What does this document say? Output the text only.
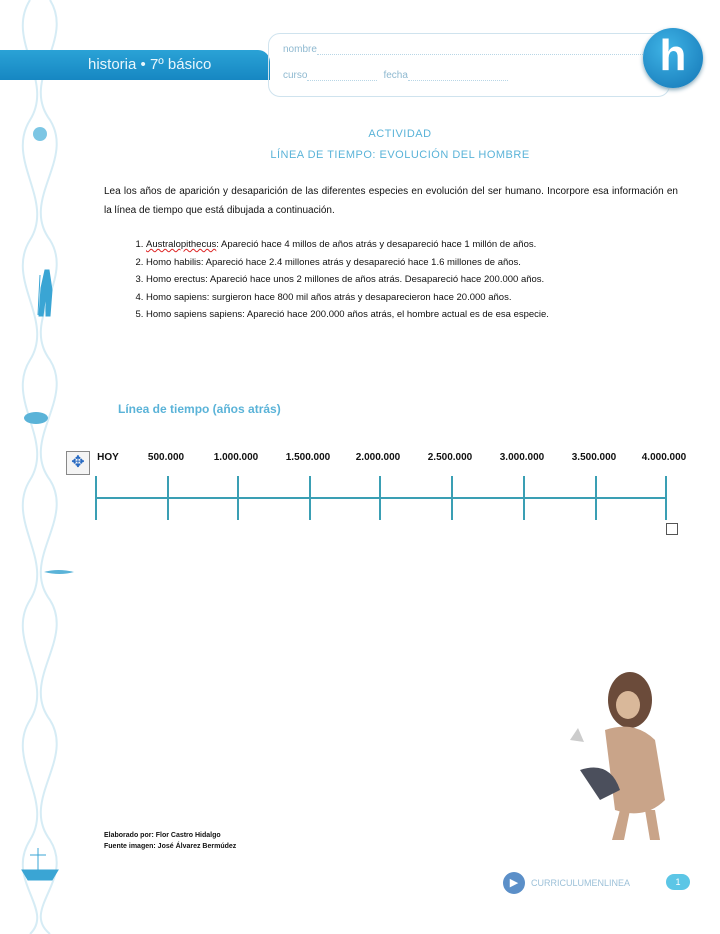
historia • 7º básico
nombre
curso	fecha	h
ACTIVIDAD
LÍNEA DE TIEMPO: EVOLUCIÓN DEL HOMBRE
Lea los años de aparición y desaparición de las diferentes especies en evolución del ser humano. Incorpore esa información en la línea de tiempo que está dibujada a continuación.
1. Australopithecus: Apareció hace 4 millos de años atrás y desapareció hace 1 millón de años.
2. Homo habilis: Apareció hace 2.4 millones atrás y desapareció hace 1.6 millones de años.
3. Homo erectus: Apareció hace unos 2 millones de años atrás. Desapareció hace 200.000 años.
4. Homo sapiens: surgieron hace 800 mil años atrás y desaparecieron hace 20.000 años.
5. Homo sapiens sapiens: Apareció hace 200.000 años atrás, el hombre actual es de esa especie.
Línea de tiempo (años atrás)
✥	HOY	500.000	1.000.000	1.500.000	2.000.000	2.500.000	3.000.000	3.500.000	4.000.000
Elaborado por: Flor Castro Hidalgo
Fuente imagen: José Álvarez Bermúdez
▶	CURRICULUMENLINEA	1
